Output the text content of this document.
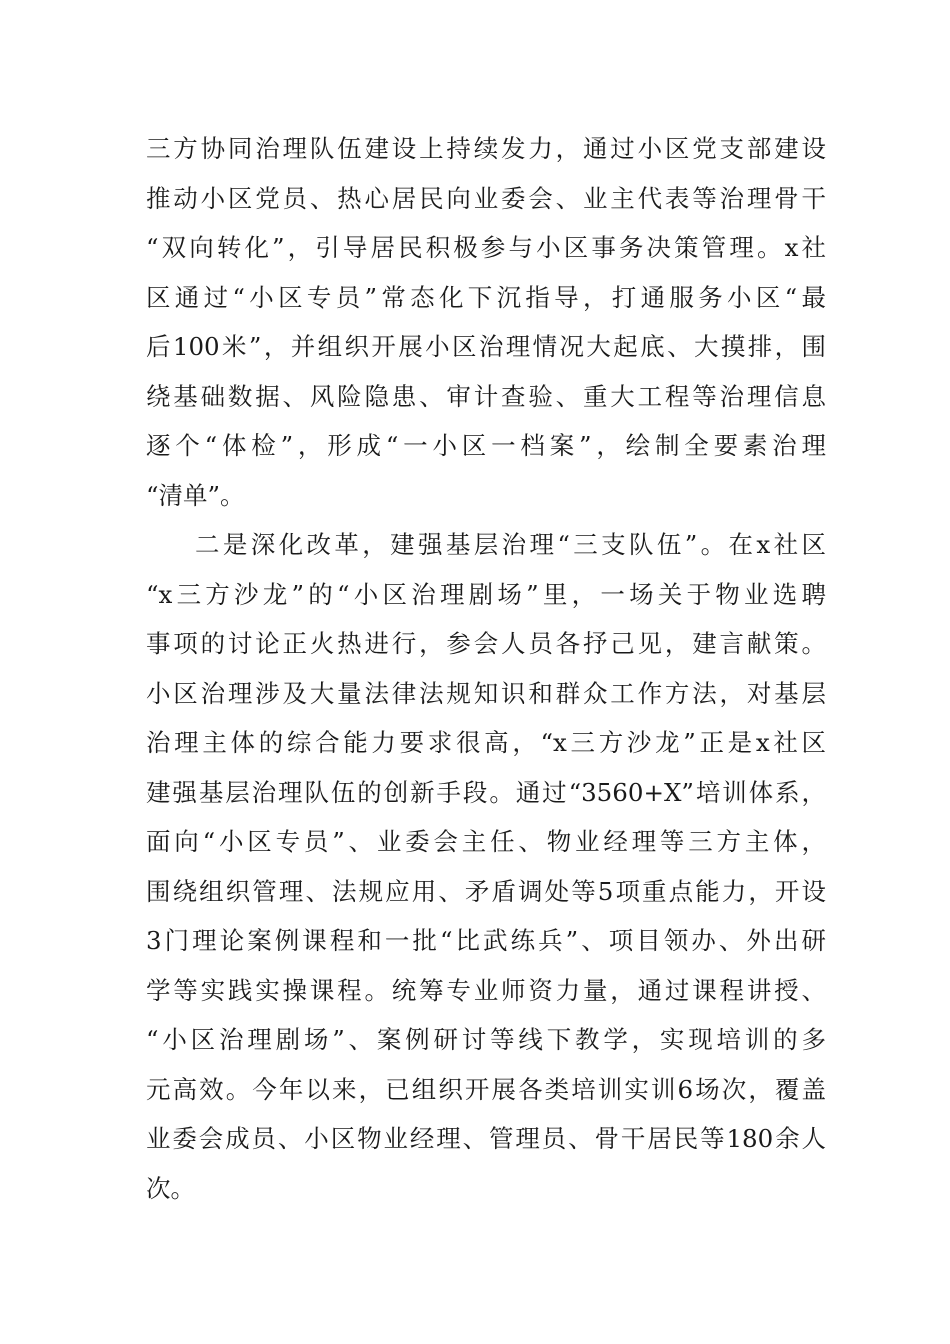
三方协同治理队伍建设上持续发力，通过小区党支部建设
推动小区党员、热心居民向业委会、业主代表等治理骨干
“双向转化”，引导居民积极参与小区事务决策管理。x社
区通过“小区专员”常态化下沉指导，打通服务小区“最
后100米”，并组织开展小区治理情况大起底、大摸排，围
绕基础数据、风险隐患、审计查验、重大工程等治理信息
逐个“体检”，形成“一小区一档案”，绘制全要素治理
“清单”。
二是深化改革，建强基层治理“三支队伍”。在x社区
“x三方沙龙”的“小区治理剧场”里，一场关于物业选聘
事项的讨论正火热进行，参会人员各抒己见，建言献策。
小区治理涉及大量法律法规知识和群众工作方法，对基层
治理主体的综合能力要求很高，“x三方沙龙”正是x社区
建强基层治理队伍的创新手段。通过“3560+X”培训体系，
面向“小区专员”、业委会主任、物业经理等三方主体，
围绕组织管理、法规应用、矛盾调处等5项重点能力，开设
3门理论案例课程和一批“比武练兵”、项目领办、外出研
学等实践实操课程。统筹专业师资力量，通过课程讲授、
“小区治理剧场”、案例研讨等线下教学，实现培训的多
元高效。今年以来，已组织开展各类培训实训6场次，覆盖
业委会成员、小区物业经理、管理员、骨干居民等180余人
次。
